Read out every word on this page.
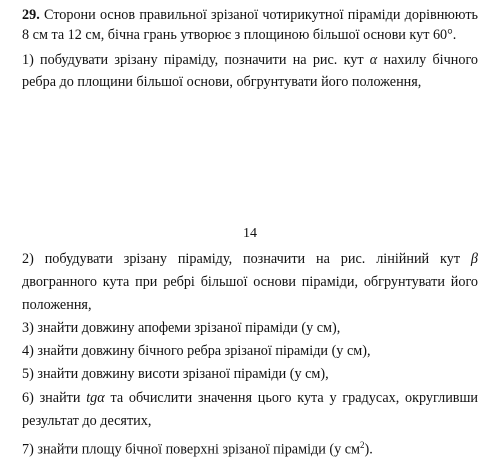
29. Сторони основ правильної зрізаної чотирикутної піраміди дорівнюють
8 см та 12 см, бічна грань утворює з площиною більшої основи кут 60°.
1) побудувати зрізану піраміду, позначити на рис. кут α нахилу бічного
ребра до площини більшої основи, обгрунтувати його положення,
14
2) побудувати зрізану піраміду, позначити на рис. лінійний кут β
двогранного кута при ребрі більшої основи піраміди, обгрунтувати його
положення,
3) знайти довжину апофеми зрізаної піраміди (у см),
4) знайти довжину бічного ребра зрізаної піраміди (у см),
5) знайти довжину висоти зрізаної піраміди (у см),
6) знайти tgα та обчислити значення цього кута у градусах, округливши
результат до десятих,
7) знайти площу бічної поверхні зрізаної піраміди (у $см^2$).
